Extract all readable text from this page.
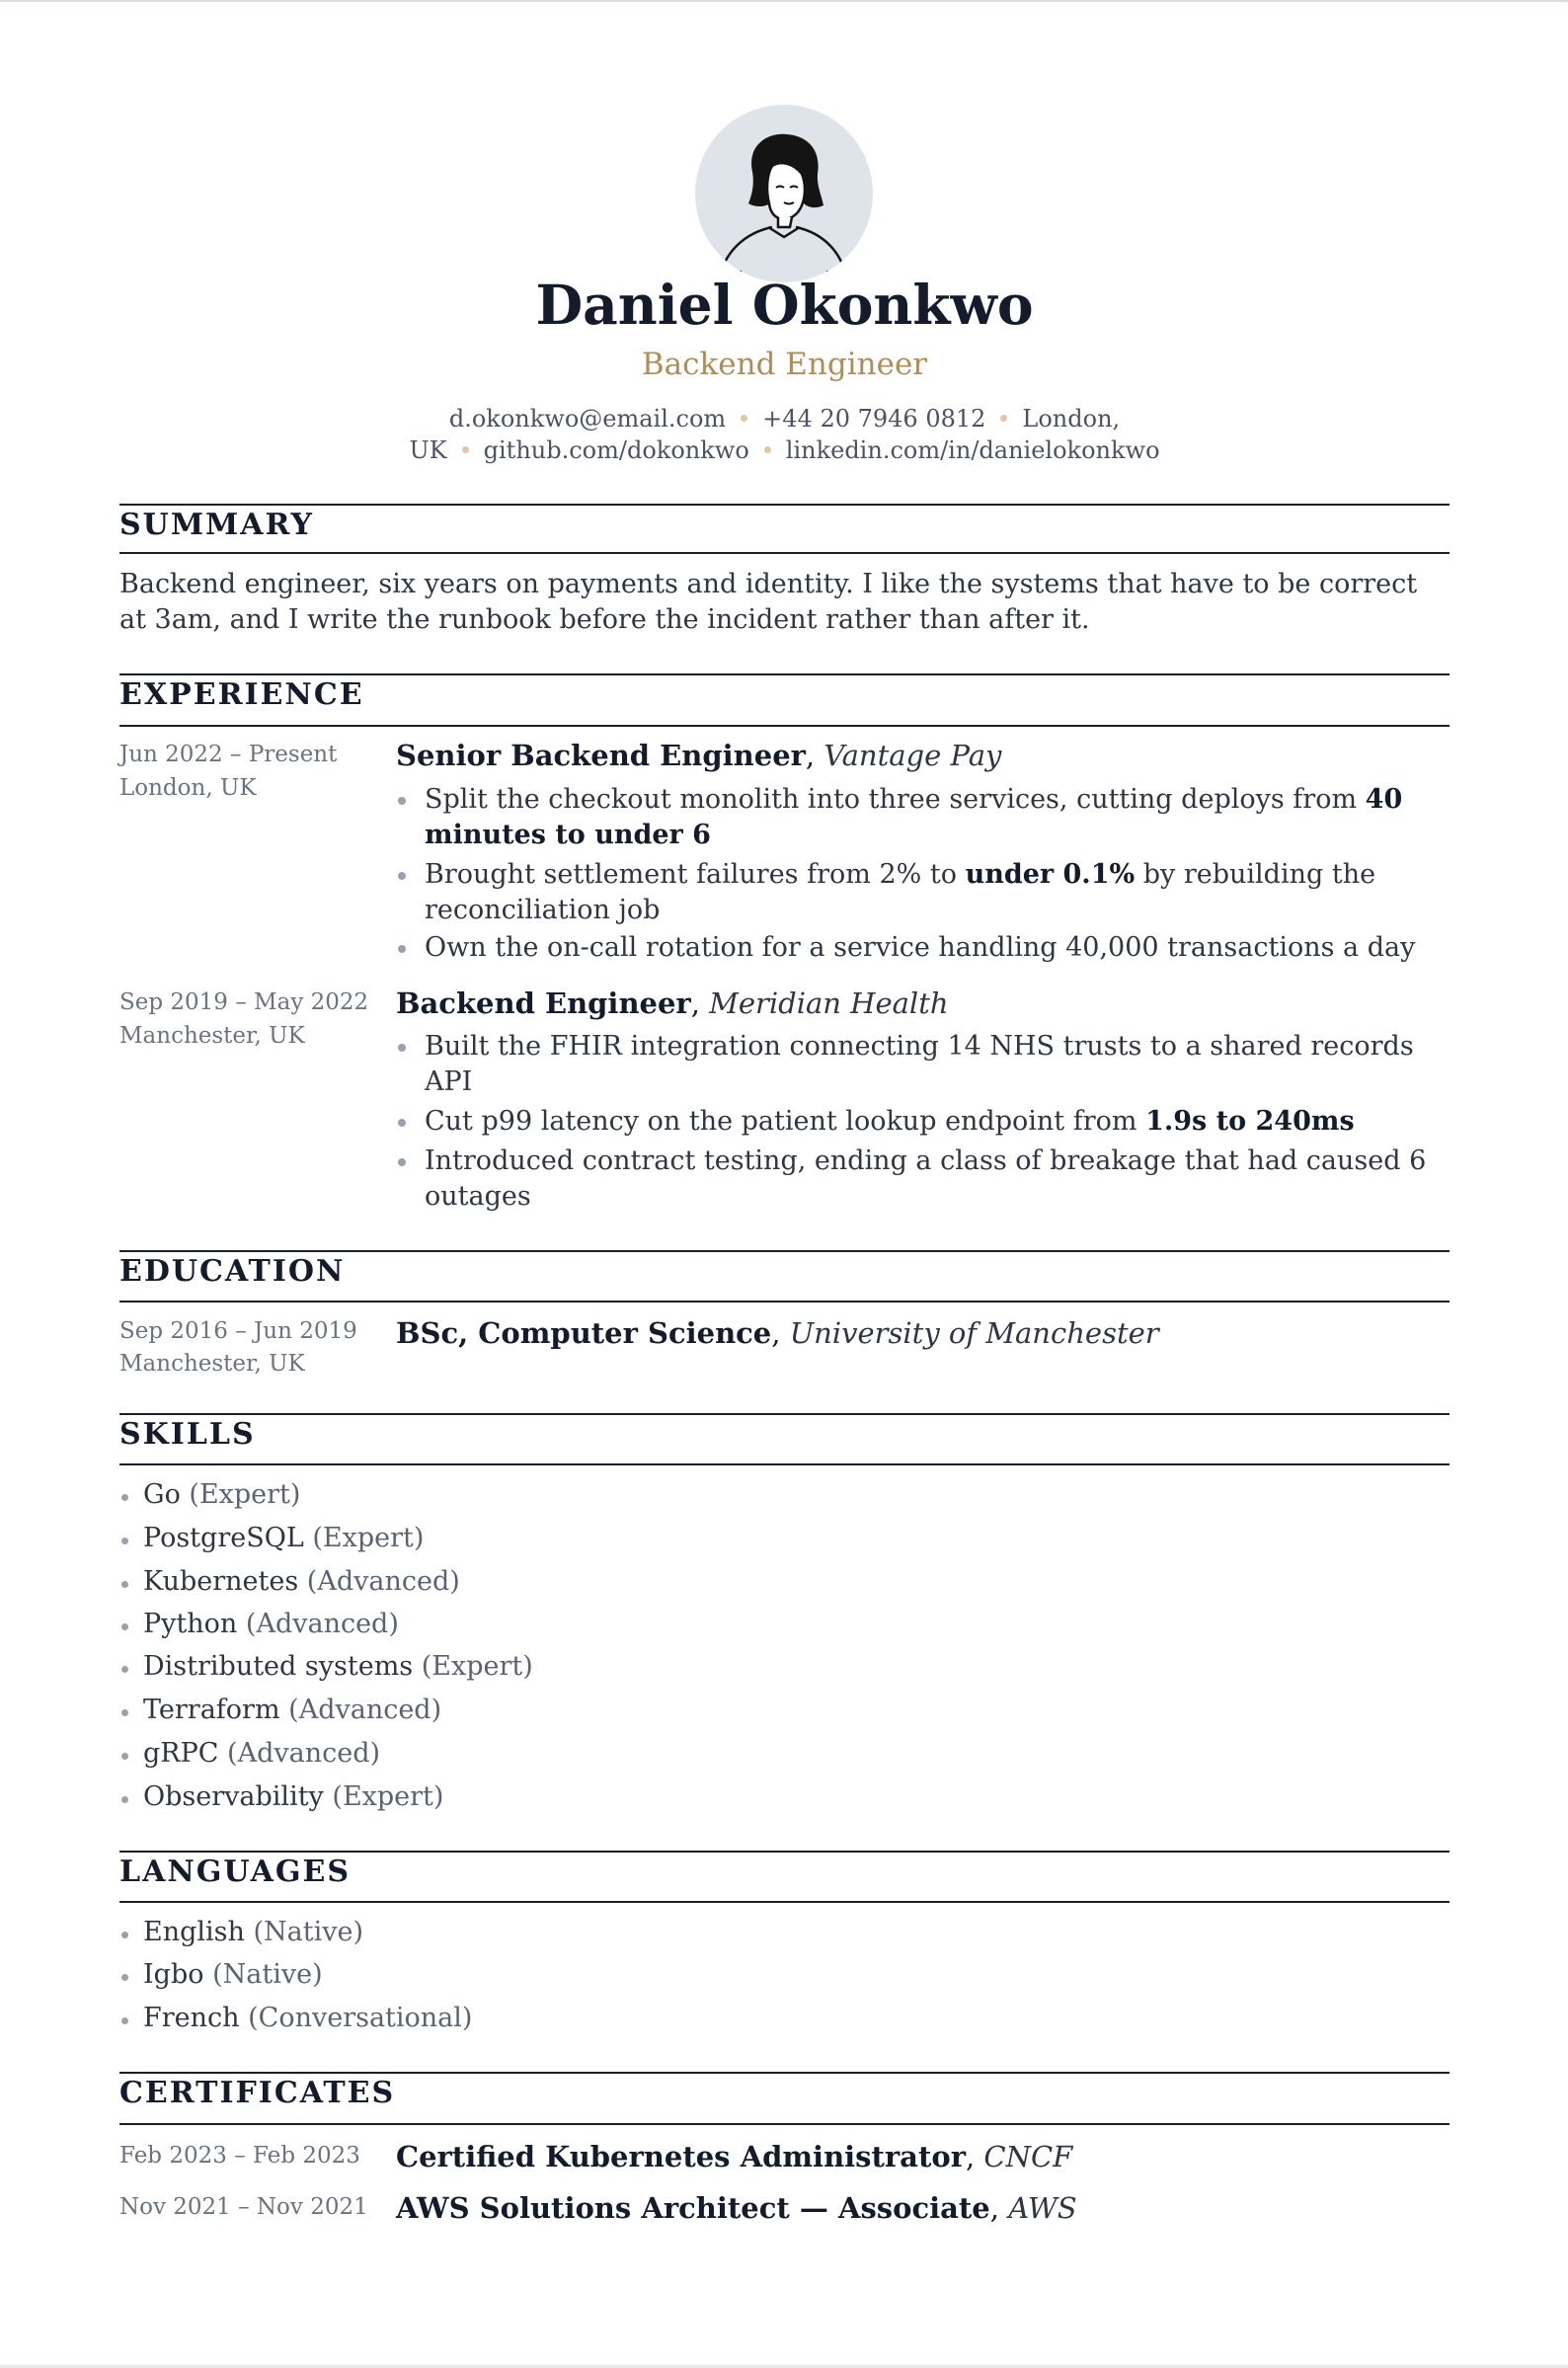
Daniel Okonkwo
Backend Engineer
d.okonkwo@email.com +44 20 7946 0812 London,
UK github.com/dokonkwo linkedin.com/in/danielokonkwo
SUMMARY
Backend engineer, six years on payments and identity. I like the systems that have to be correct at 3am, and I write the runbook before the incident rather than after it.
EXPERIENCE
Jun 2022 – Present
London, UK
Senior Backend Engineer, Vantage Pay
Split the checkout monolith into three services, cutting deploys from 40 minutes to under 6
Brought settlement failures from 2% to under 0.1% by rebuilding the reconciliation job
Own the on-call rotation for a service handling 40,000 transactions a day
Sep 2019 – May 2022
Manchester, UK
Backend Engineer, Meridian Health
Built the FHIR integration connecting 14 NHS trusts to a shared records API
Cut p99 latency on the patient lookup endpoint from 1.9s to 240ms
Introduced contract testing, ending a class of breakage that had caused 6 outages
EDUCATION
Sep 2016 – Jun 2019
Manchester, UK
BSc, Computer Science, University of Manchester
SKILLS
Go (Expert)
PostgreSQL (Expert)
Kubernetes (Advanced)
Python (Advanced)
Distributed systems (Expert)
Terraform (Advanced)
gRPC (Advanced)
Observability (Expert)
LANGUAGES
English (Native)
Igbo (Native)
French (Conversational)
CERTIFICATES
Feb 2023 – Feb 2023 Certified Kubernetes Administrator, CNCF
Nov 2021 – Nov 2021 AWS Solutions Architect — Associate, AWS
